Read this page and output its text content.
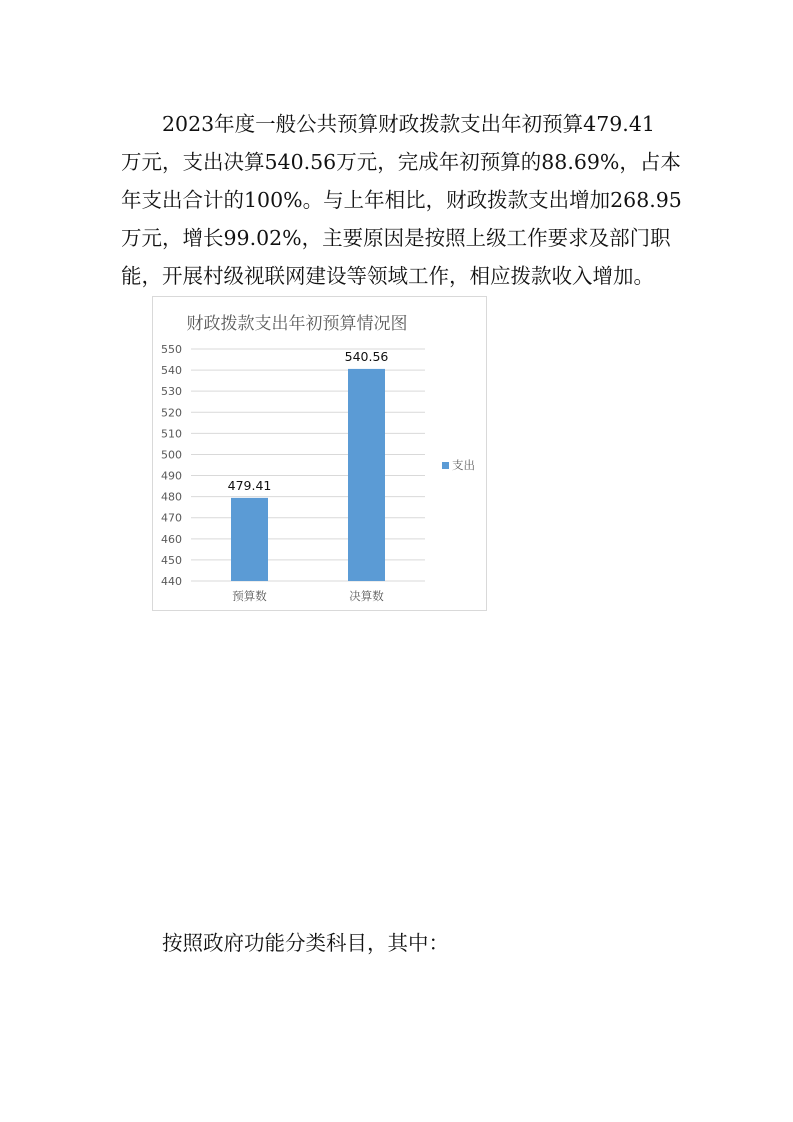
2023年度一般公共预算财政拨款支出年初预算479.41
万元，支出决算540.56万元，完成年初预算的88.69%，占本
年支出合计的100%。与上年相比，财政拨款支出增加268.95
万元，增长99.02%，主要原因是按照上级工作要求及部门职
能，开展村级视联网建设等领域工作，相应拨款收入增加。
财政拨款支出年初预算情况图
440
450
460
470
480
490
500
510
520
530
540
550
479.41
540.56
预算数	决算数
支出

按照政府功能分类科目，其中：
